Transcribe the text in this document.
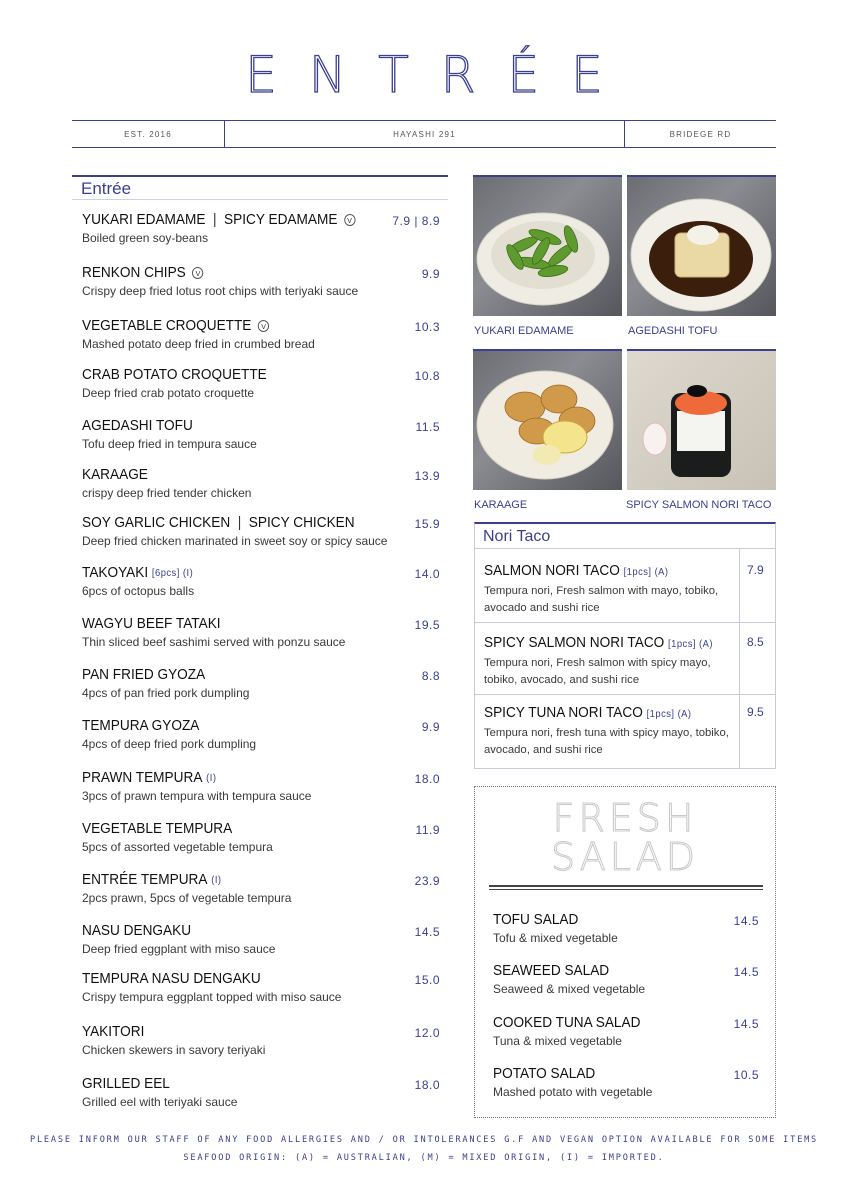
ENTRÉE
EST. 2016	HAYASHI 291	BRIDEGE RD
Entrée
YUKARI EDAMAME | SPICY EDAMAME	V
Boiled green soy-beans
7.9 | 8.9
RENKON CHIPS	V
Crispy deep fried lotus root chips with teriyaki sauce
9.9
VEGETABLE CROQUETTE	V
Mashed potato deep fried in crumbed bread
10.3
CRAB POTATO CROQUETTE
Deep fried crab potato croquette
10.8
AGEDASHI TOFU
Tofu deep fried in tempura sauce
11.5
KARAAGE
crispy deep fried tender chicken
13.9
SOY GARLIC CHICKEN | SPICY CHICKEN
Deep fried chicken marinated in sweet soy or spicy sauce
15.9
TAKOYAKI [6pcs] (I)
6pcs of octopus balls
14.0
WAGYU BEEF TATAKI
Thin sliced beef sashimi served with ponzu sauce
19.5
PAN FRIED GYOZA
4pcs of pan fried pork dumpling
8.8
TEMPURA GYOZA
4pcs of deep fried pork dumpling
9.9
PRAWN TEMPURA (I)
3pcs of prawn tempura with tempura sauce
18.0
VEGETABLE TEMPURA
5pcs of assorted vegetable tempura
11.9
ENTRÉE TEMPURA (I)
2pcs prawn, 5pcs of vegetable tempura
23.9
NASU DENGAKU
Deep fried eggplant with miso sauce
14.5
TEMPURA NASU DENGAKU
Crispy tempura eggplant topped with miso sauce
15.0
YAKITORI
Chicken skewers in savory teriyaki
12.0
GRILLED EEL
Grilled eel with teriyaki sauce
18.0
YUKARI EDAMAME	AGEDASHI TOFU
KARAAGE	SPICY SALMON NORI TACO
Nori Taco
SALMON NORI TACO [1pcs] (A)
Tempura nori, Fresh salmon with mayo, tobiko, avocado and sushi rice
7.9
SPICY SALMON NORI TACO [1pcs] (A)
Tempura nori, Fresh salmon with spicy mayo, tobiko, avocado, and sushi rice
8.5
SPICY TUNA NORI TACO [1pcs] (A)
Tempura nori, fresh tuna with spicy mayo, tobiko, avocado, and sushi rice
9.5
FRESH
SALAD
TOFU SALAD
Tofu & mixed vegetable
14.5
SEAWEED SALAD
Seaweed & mixed vegetable
14.5
COOKED TUNA SALAD
Tuna & mixed vegetable
14.5
POTATO SALAD
Mashed potato with vegetable
10.5
PLEASE INFORM OUR STAFF OF ANY FOOD ALLERGIES AND / OR INTOLERANCES G.F AND VEGAN OPTION AVAILABLE FOR SOME ITEMS
SEAFOOD ORIGIN: (A) = AUSTRALIAN, (M) = MIXED ORIGIN, (I) = IMPORTED.
